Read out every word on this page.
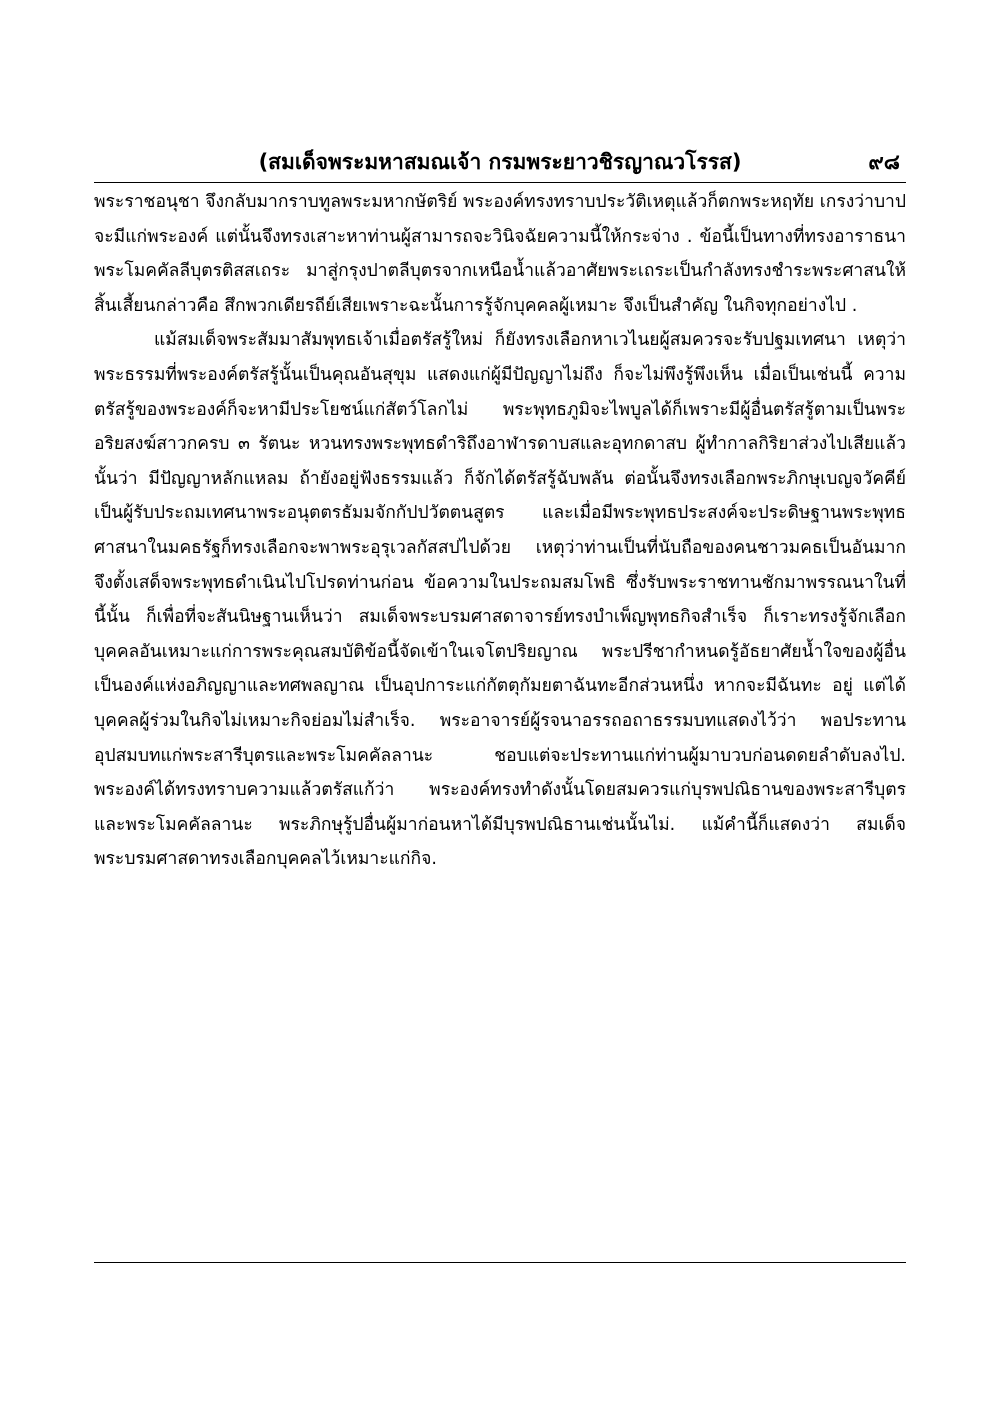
(สมเด็จพระมหาสมณเจ้า กรมพระยาวชิรญาณวโรรส)	๙๘

พระราชอนุชา จึงกลับมากราบทูลพระมหากษัตริย์ พระองค์ทรงทราบประวัติเหตุแล้วก็ตกพระหฤทัย เกรงว่าบาปจะมีแก่พระองค์ แต่นั้นจึงทรงเสาะหาท่านผู้สามารถจะวินิจฉัยความนี้ให้กระจ่าง . ข้อนี้เป็นทางที่ทรงอาราธนาพระโมคคัลลีบุตรติสสเถระ มาสู่กรุงปาตลีบุตรจากเหนือน้ำแล้วอาศัยพระเถระเป็นกำลังทรงชำระพระศาสนให้สิ้นเสี้ยนกล่าวคือ สึกพวกเดียรถีย์เสียเพราะฉะนั้นการรู้จักบุคคลผู้เหมาะ จึงเป็นสำคัญ ในกิจทุกอย่างไป .

แม้สมเด็จพระสัมมาสัมพุทธเจ้าเมื่อตรัสรู้ใหม่ ก็ยังทรงเลือกหาเวไนยผู้สมควรจะรับปฐมเทศนา เหตุว่าพระธรรมที่พระองค์ตรัสรู้นั้นเป็นคุณอันสุขุม แสดงแก่ผู้มีปัญญาไม่ถึง ก็จะไม่พึงรู้พึงเห็น เมื่อเป็นเช่นนี้ ความตรัสรู้ของพระองค์ก็จะหามีประโยชน์แก่สัตว์โลกไม่ พระพุทธภูมิจะไพบูลได้ก็เพราะมีผู้อื่นตรัสรู้ตามเป็นพระอริยสงฆ์สาวกครบ ๓ รัตนะ หวนทรงพระพุทธดำริถึงอาฬารดาบสและอุทกดาสบ ผู้ทำกาลกิริยาส่วงไปเสียแล้วนั้นว่า มีปัญญาหลักแหลม ถ้ายังอยู่ฟังธรรมแล้ว ก็จักได้ตรัสรู้ฉับพลัน ต่อนั้นจึงทรงเลือกพระภิกษุเบญจวัคคีย์ เป็นผู้รับประถมเทศนาพระอนุตตรธัมมจักกัปปวัตตนสูตร และเมื่อมีพระพุทธประสงค์จะประดิษฐานพระพุทธศาสนาในมคธรัฐก็ทรงเลือกจะพาพระอุรุเวลกัสสปไปด้วย เหตุว่าท่านเป็นที่นับถือของคนชาวมคธเป็นอันมาก จึงตั้งเสด็จพระพุทธดำเนินไปโปรดท่านก่อน ข้อความในประถมสมโพธิ ซึ่งรับพระราชทานชักมาพรรณนาในที่นี้นั้น ก็เพื่อที่จะสันนิษฐานเห็นว่า สมเด็จพระบรมศาสดาจารย์ทรงบำเพ็ญพุทธกิจสำเร็จ ก็เราะทรงรู้จักเลือกบุคคลอันเหมาะแก่การพระคุณสมบัติข้อนี้จัดเข้าในเจโตปริยญาณ พระปรีชากำหนดรู้อัธยาศัยน้ำใจของผู้อื่น เป็นองค์แห่งอภิญญาและทศพลญาณ เป็นอุปการะแก่กัตตุกัมยตาฉันทะอีกส่วนหนึ่ง หากจะมีฉันทะ อยู่ แต่ได้บุคคลผู้ร่วมในกิจไม่เหมาะกิจย่อมไม่สำเร็จ. พระอาจารย์ผู้รจนาอรรถอถาธรรมบทแสดงไว้ว่า พอประทานอุปสมบทแก่พระสารีบุตรและพระโมคคัลลานะ ชอบแต่จะประทานแก่ท่านผู้มาบวบก่อนดดยลำดับลงไป. พระองค์ได้ทรงทราบความแล้วตรัสแก้ว่า พระองค์ทรงทำดังนั้นโดยสมควรแก่บุรพปณิธานของพระสารีบุตรและพระโมคคัลลานะ พระภิกษุรู้ปอื่นผู้มาก่อนหาได้มีบุรพปณิธานเช่นนั้นไม่. แม้คำนี้ก็แสดงว่า สมเด็จพระบรมศาสดาทรงเลือกบุคคลไว้เหมาะแก่กิจ.
